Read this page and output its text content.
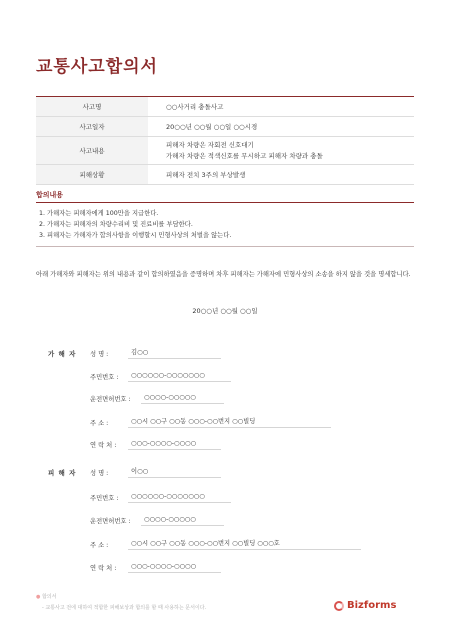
교통사고합의서
사고명	○○사거리 충돌사고
사고일자	20○○년 ○○월 ○○일 ○○시경
사고내용	피해자 차량은 자회전 신호대기
가해자 차량은 적색신호를 무시하고 피해자 차량과 충돌

피해상황	피해자 전치 3주의 부상발생
합의내용
1. 가해자는 피해자에게 100만을 지급한다.
2. 가해자는 피해자의 차량수리비 및 진료비를 부담한다.
3. 피해자는 가해자가 합의사항을 이행할시 민형사상의 처벌을 않는다.
아래 가해자와 피해자는 위의 내용과 같이 합의하였음을 증명하며 차후 피해자는 가해자에 민형사상의 소송을 하지 않을 것을 명세합니다.
20○○년 ○○월 ○○일
가 해 자 성 명 :	김○○
주민번호 :	○○○○○○-○○○○○○○
운전면허번호 :	○○○○-○○○○○
주 소 :	○○시 ○○구 ○○동 ○○○-○○번지 ○○빌딩
연 락 처 :	○○○-○○○○-○○○○
피 해 자 성 명 :	이○○
주민번호 :	○○○○○○-○○○○○○○
운전면허번호 :	○○○○-○○○○○
주 소 :	○○시 ○○구 ○○동 ○○○-○○번지 ○○빌딩 ○○○호
연 락 처 :	○○○-○○○○-○○○○
● 합의서
- 교통사고 전에 대하여 적합한 피해보상과 합의를 할 때 사용하는 문서이다.	Bizforms
